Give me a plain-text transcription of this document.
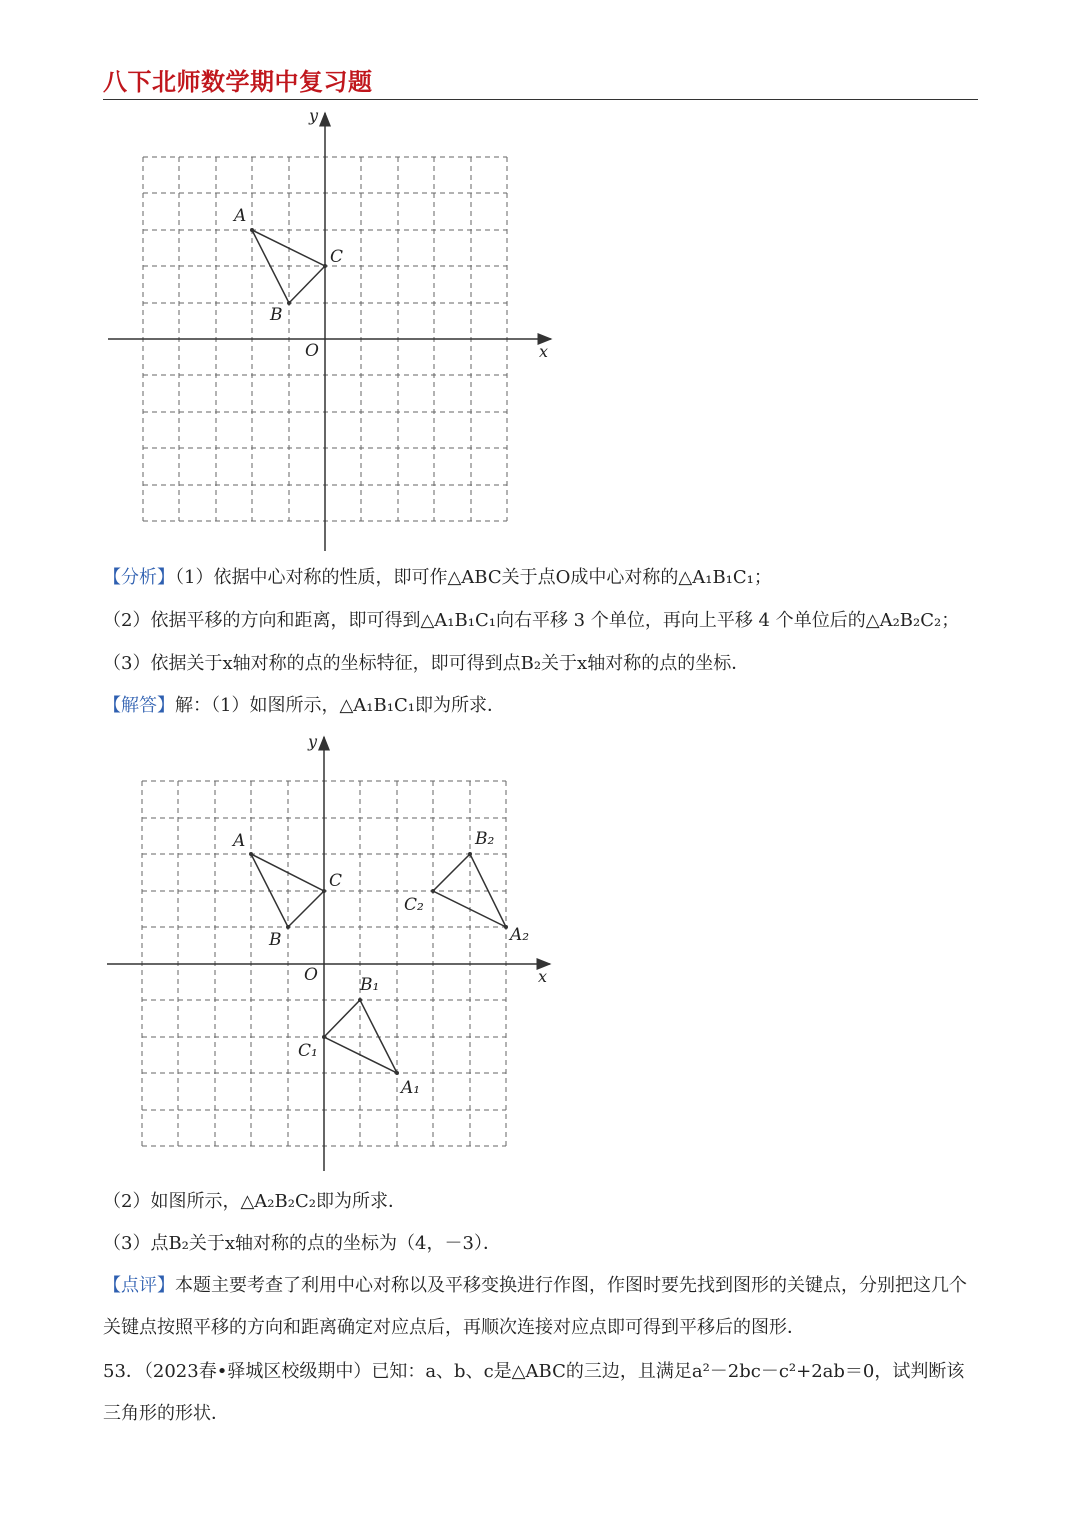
八下北师数学期中复习题
A
B
C
O	x
y
【分析】（1）依据中心对称的性质，即可作△ABC关于点O成中心对称的△A₁B₁C₁；
（2）依据平移的方向和距离，即可得到△A₁B₁C₁向右平移 3 个单位，再向上平移 4 个单位后的△A₂B₂C₂；
（3）依据关于x轴对称的点的坐标特征，即可得到点B₂关于x轴对称的点的坐标．
【解答】解：（1）如图所示，△A₁B₁C₁即为所求．
A
B
C
A₁
B₁
C₁
A₂
B₂
C₂
O	x
y
（2）如图所示，△A₂B₂C₂即为所求．
（3）点B₂关于x轴对称的点的坐标为（4，－3）．
【点评】本题主要考查了利用中心对称以及平移变换进行作图，作图时要先找到图形的关键点，分别把这几个关键点按照平移的方向和距离确定对应点后，再顺次连接对应点即可得到平移后的图形．
53．（2023春•驿城区校级期中）已知：a、b、c是△ABC的三边，且满足a²－2bc－c²+2ab＝0，试判断该三角形的形状．
